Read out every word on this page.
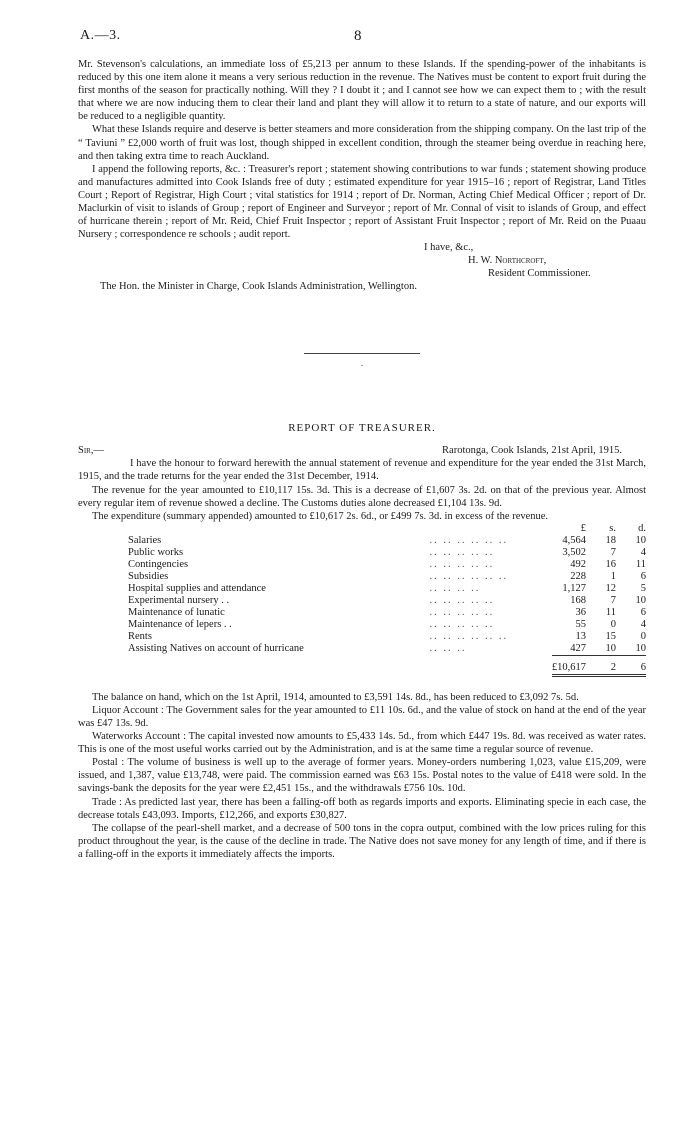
A.—3.	8

Mr. Stevenson's calculations, an immediate loss of £5,213 per annum to these Islands. If the spending-power of the inhabitants is reduced by this one item alone it means a very serious reduction in the revenue. The Natives must be content to export fruit during the first months of the season for practically nothing. Will they ? I doubt it ; and I cannot see how we can expect them to ; with the result that where we are now inducing them to clear their land and plant they will allow it to return to a state of nature, and our exports will be reduced to a negligible quantity.

What these Islands require and deserve is better steamers and more consideration from the shipping company. On the last trip of the “ Taviuni ” £2,000 worth of fruit was lost, though shipped in excellent condition, through the steamer being overdue in reaching here, and then taking extra time to reach Auckland.

I append the following reports, &c. : Treasurer's report ; statement showing contributions to war funds ; statement showing produce and manufactures admitted into Cook Islands free of duty ; estimated expenditure for year 1915–16 ; report of Registrar, Land Titles Court ; Report of Registrar, High Court ; vital statistics for 1914 ; report of Dr. Norman, Acting Chief Medical Officer ; report of Dr. Maclurkin of visit to islands of Group ; report of Engineer and Surveyor ; report of Mr. Connal of visit to islands of Group, and effect of hurricane therein ; report of Mr. Reid, Chief Fruit Inspector ; report of Assistant Fruit Inspector ; report of Mr. Reid on the Puaau Nursery ; correspondence re schools ; audit report.

I have, &c.,
H. W. Northcroft,
Resident Commissioner.
The Hon. the Minister in Charge, Cook Islands Administration, Wellington.
·
REPORT OF TREASURER.
Sir,—	Rarotonga, Cook Islands, 21st April, 1915.

I have the honour to forward herewith the annual statement of revenue and expenditure for the year ended the 31st March, 1915, and the trade returns for the year ended the 31st December, 1914.

The revenue for the year amounted to £10,117 15s. 3d. This is a decrease of £1,607 3s. 2d. on that of the previous year. Almost every regular item of revenue showed a decline. The Customs duties alone decreased £1,104 13s. 9d.

The expenditure (summary appended) amounted to £10,617 2s. 6d., or £499 7s. 3d. in excess of the revenue.

		£	s.	d.
Salaries	.. .. .. .. .. ..	4,564	18	10
Public works	.. .. .. .. ..	3,502	7	4
Contingencies	.. .. .. .. ..	492	16	11
Subsidies	.. .. .. .. .. ..	228	1	6
Hospital supplies and attendance	.. .. .. ..	1,127	12	5
Experimental nursery . .	.. .. .. .. ..	168	7	10
Maintenance of lunatic	.. .. .. .. ..	36	11	6
Maintenance of lepers . .	.. .. .. .. ..	55	0	4
Rents	.. .. .. .. .. ..	13	15	0
Assisting Natives on account of hurricane	.. .. ..	427	10	10
		£10,617	2	6

The balance on hand, which on the 1st April, 1914, amounted to £3,591 14s. 8d., has been reduced to £3,092 7s. 5d.

Liquor Account : The Government sales for the year amounted to £11 10s. 6d., and the value of stock on hand at the end of the year was £47 13s. 9d.

Waterworks Account : The capital invested now amounts to £5,433 14s. 5d., from which £447 19s. 8d. was received as water rates. This is one of the most useful works carried out by the Administration, and is at the same time a regular source of revenue.

Postal : The volume of business is well up to the average of former years. Money-orders numbering 1,023, value £15,209, were issued, and 1,387, value £13,748, were paid. The commission earned was £63 15s. Postal notes to the value of £418 were sold. In the savings-bank the deposits for the year were £2,451 15s., and the withdrawals £756 10s. 10d.

Trade : As predicted last year, there has been a falling-off both as regards imports and exports. Eliminating specie in each case, the decrease totals £43,093. Imports, £12,266, and exports £30,827.

The collapse of the pearl-shell market, and a decrease of 500 tons in the copra output, combined with the low prices ruling for this product throughout the year, is the cause of the decline in trade. The Native does not save money for any length of time, and if there is a falling-off in the exports it immediately affects the imports.
